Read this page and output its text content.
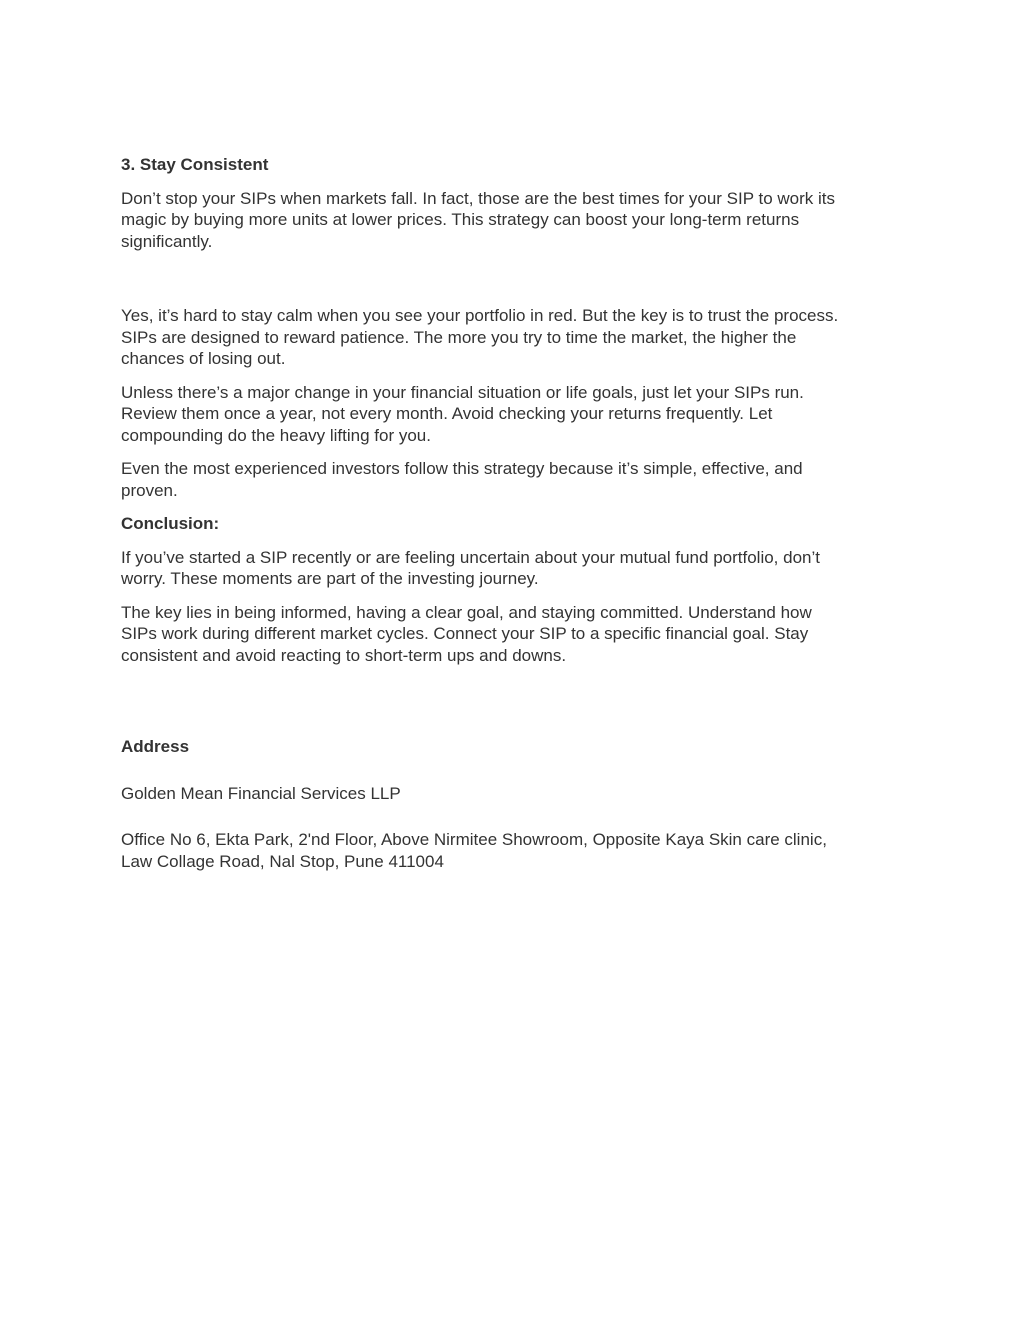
3. Stay Consistent

Don’t stop your SIPs when markets fall. In fact, those are the best times for your SIP to work its
magic by buying more units at lower prices. This strategy can boost your long-term returns
significantly.

Yes, it’s hard to stay calm when you see your portfolio in red. But the key is to trust the process.
SIPs are designed to reward patience. The more you try to time the market, the higher the
chances of losing out.

Unless there’s a major change in your financial situation or life goals, just let your SIPs run.
Review them once a year, not every month. Avoid checking your returns frequently. Let
compounding do the heavy lifting for you.

Even the most experienced investors follow this strategy because it’s simple, effective, and
proven.

Conclusion:

If you’ve started a SIP recently or are feeling uncertain about your mutual fund portfolio, don’t
worry. These moments are part of the investing journey.

The key lies in being informed, having a clear goal, and staying committed. Understand how
SIPs work during different market cycles. Connect your SIP to a specific financial goal. Stay
consistent and avoid reacting to short-term ups and downs.

Address

Golden Mean Financial Services LLP

Office No 6, Ekta Park, 2'nd Floor, Above Nirmitee Showroom, Opposite Kaya Skin care clinic,
Law Collage Road, Nal Stop, Pune 411004
